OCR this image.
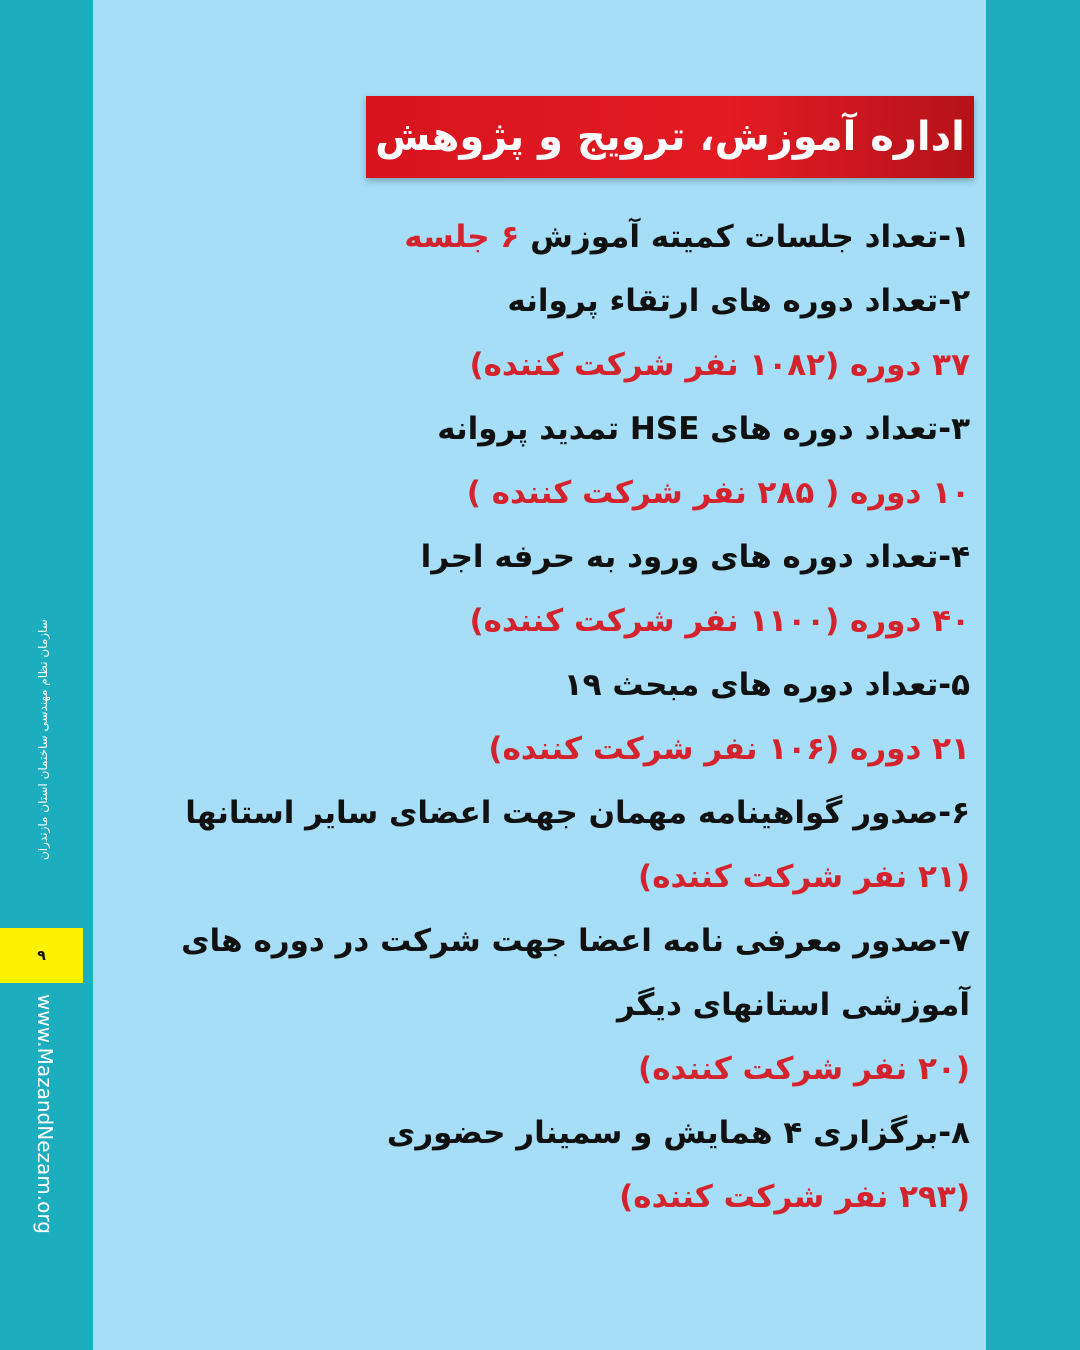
سازمان نظام مهندسی ساختمان استان مازندران
۹
www.MazandNezam.org
اداره آموزش، ترویج و پژوهش
۱-تعداد جلسات کمیته آموزش ۶ جلسه
۲-تعداد دوره های ارتقاء پروانه
۳۷ دوره (۱۰۸۲ نفر شرکت کننده)
۳-تعداد دوره های HSE تمدید پروانه
۱۰ دوره ( ۲۸۵ نفر شرکت کننده )
۴-تعداد دوره های ورود به حرفه اجرا
۴۰ دوره (۱۱۰۰ نفر شرکت کننده)
۵-تعداد دوره های مبحث ۱۹
۲۱ دوره (۱۰۶ نفر شرکت کننده)
۶-صدور گواهینامه مهمان جهت اعضای سایر استانها
(۲۱ نفر شرکت کننده)
۷-صدور معرفی نامه اعضا جهت شرکت در دوره های
آموزشی استانهای دیگر
(۲۰ نفر شرکت کننده)
۸-برگزاری ۴ همایش و سمینار حضوری
(۲۹۳ نفر شرکت کننده)
